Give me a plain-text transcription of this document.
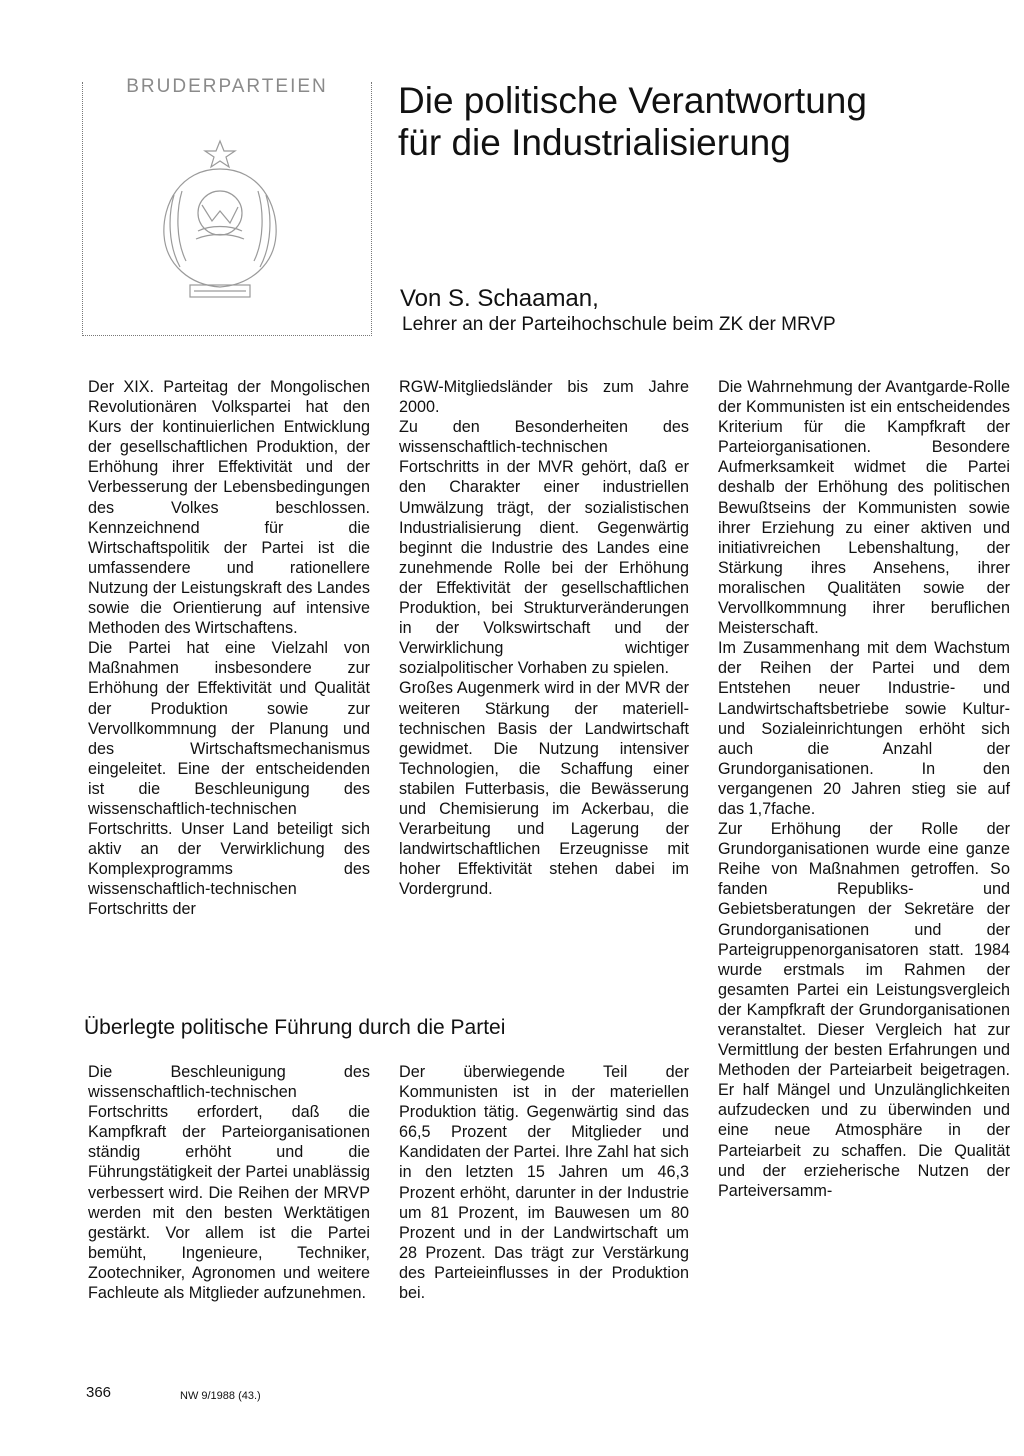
BRUDERPARTEIEN	Die politische Verantwortung
für die Industrialisierung
Von S. Schaaman,
Lehrer an der Parteihochschule beim ZK der MRVP

Der XIX. Parteitag der Mongolischen Revolutionären Volkspartei hat den Kurs der kontinuierlichen Entwicklung der gesellschaftlichen Produktion, der Erhöhung ihrer Effektivität und der Verbesserung der Lebensbedingungen des Volkes beschlossen. Kennzeichnend für die Wirtschaftspolitik der Partei ist die umfassendere und rationellere Nutzung der Leistungskraft des Landes sowie die Orientierung auf intensive Methoden des Wirtschaftens.

Die Partei hat eine Vielzahl von Maßnahmen insbesondere zur Erhöhung der Effektivität und Qualität der Produktion sowie zur Vervollkommnung der Planung und des Wirtschaftsmechanismus eingeleitet. Eine der entscheidenden ist die Beschleunigung des wissenschaftlich-technischen Fortschritts. Unser Land beteiligt sich aktiv an der Verwirklichung des Komplexprogramms des wissenschaftlich-technischen Fortschritts der

RGW-Mitgliedsländer bis zum Jahre 2000.

Zu den Besonderheiten des wissenschaftlich-technischen Fortschritts in der MVR gehört, daß er den Charakter einer industriellen Umwälzung trägt, der sozialistischen Industrialisierung dient. Gegenwärtig beginnt die Industrie des Landes eine zunehmende Rolle bei der Erhöhung der Effektivität der gesellschaftlichen Produktion, bei Strukturveränderungen in der Volkswirtschaft und der Verwirklichung wichtiger sozialpolitischer Vorhaben zu spielen.

Großes Augenmerk wird in der MVR der weiteren Stärkung der materiell-technischen Basis der Landwirtschaft gewidmet. Die Nutzung intensiver Technologien, die Schaffung einer stabilen Futterbasis, die Bewässerung und Chemisierung im Ackerbau, die Verarbeitung und Lagerung der landwirtschaftlichen Erzeugnisse mit hoher Effektivität stehen dabei im Vordergrund.

Die Wahrnehmung der Avantgarde-Rolle der Kommunisten ist ein entscheidendes Kriterium für die Kampfkraft der Parteiorganisationen. Besondere Aufmerksamkeit widmet die Partei deshalb der Erhöhung des politischen Bewußtseins der Kommunisten sowie ihrer Erziehung zu einer aktiven und initiativreichen Lebenshaltung, der Stärkung ihres Ansehens, ihrer moralischen Qualitäten sowie der Vervollkommnung ihrer beruflichen Meisterschaft.

Im Zusammenhang mit dem Wachstum der Reihen der Partei und dem Entstehen neuer Industrie- und Landwirtschaftsbetriebe sowie Kultur- und Sozialeinrichtungen erhöht sich auch die Anzahl der Grundorganisationen. In den vergangenen 20 Jahren stieg sie auf das 1,7fache.

Zur Erhöhung der Rolle der Grundorganisationen wurde eine ganze Reihe von Maßnahmen getroffen. So fanden Republiks- und Gebietsberatungen der Sekretäre der Grundorganisationen und der Parteigruppenorganisatoren statt. 1984 wurde erstmals im Rahmen der gesamten Partei ein Leistungsvergleich der Kampfkraft der Grundorganisationen veranstaltet. Dieser Vergleich hat zur Vermittlung der besten Erfahrungen und Methoden der Parteiarbeit beigetragen. Er half Mängel und Unzulänglichkeiten aufzudecken und zu überwinden und eine neue Atmosphäre in der Parteiarbeit zu schaffen. Die Qualität und der erzieherische Nutzen der Parteiversamm-

Überlegte politische Führung durch die Partei

Die Beschleunigung des wissenschaftlich-technischen Fortschritts erfordert, daß die Kampfkraft der Parteiorganisationen ständig erhöht und die Führungstätigkeit der Partei unablässig verbessert wird. Die Reihen der MRVP werden mit den besten Werktätigen gestärkt. Vor allem ist die Partei bemüht, Ingenieure, Techniker, Zootechniker, Agronomen und weitere Fachleute als Mitglieder aufzunehmen.

Der überwiegende Teil der Kommunisten ist in der materiellen Produktion tätig. Gegenwärtig sind das 66,5 Prozent der Mitglieder und Kandidaten der Partei. Ihre Zahl hat sich in den letzten 15 Jahren um 46,3 Prozent erhöht, darunter in der Industrie um 81 Prozent, im Bauwesen um 80 Prozent und in der Landwirtschaft um 28 Prozent. Das trägt zur Verstärkung des Parteieinflusses in der Produktion bei.

366	NW 9/1988 (43.)
